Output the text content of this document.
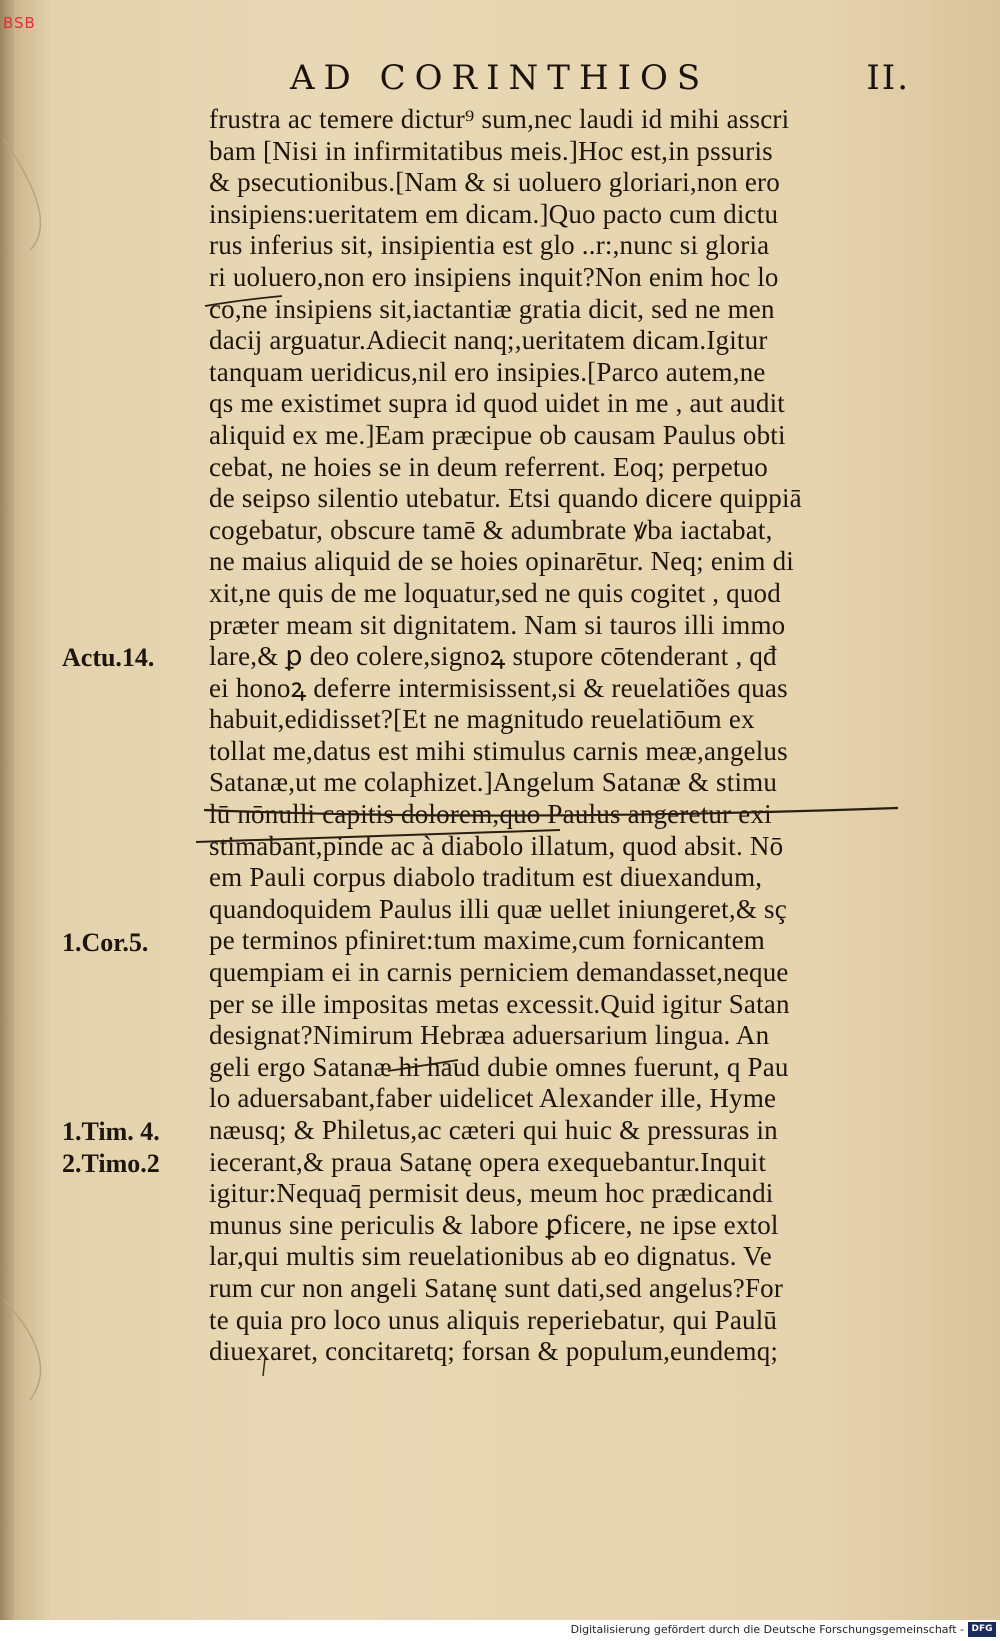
BSB
AD CORINTHIOS	II.
frustra ac temere dictur⁹ sum,nec laudi id mihi asscri
bam [Nisi in infirmitatibus meis.]Hoc est,in pssuris
& psecutionibus.[Nam & si uoluero gloriari,non ero
insipiens:ueritatem em dicam.]Quo pacto cum dictu
rus inferius sit, insipientia est glo ..r:,nunc si gloria
ri uoluero,non ero insipiens inquit?Non enim hoc lo
co,ne insipiens sit,iactantiæ gratia dicit, sed ne men
dacij arguatur.Adiecit nanq;,ueritatem dicam.Igitur
tanquam ueridicus,nil ero insipies.[Parco autem,ne
qs me existimet supra id quod uidet in me , aut audit
aliquid ex me.]Eam præcipue ob causam Paulus obti
cebat, ne hoies se in deum referrent. Eoq; perpetuo
de seipso silentio utebatur. Etsi quando dicere quippiā
cogebatur, obscure tamē & adumbrate ꝟba iactabat,
ne maius aliquid de se hoies opinarētur. Neq; enim di
xit,ne quis de me loquatur,sed ne quis cogitet , quod
præter meam sit dignitatem. Nam si tauros illi immo
lare,& ꝑ deo colere,signoꝝ stupore cōtenderant , qđ
ei honoꝝ deferre intermisissent,si & reuelatiões quas
habuit,edidisset?[Et ne magnitudo reuelatiōum ex
tollat me,datus est mihi stimulus carnis meæ,angelus
Satanæ,ut me colaphizet.]Angelum Satanæ & stimu
lū nōnulli capitis dolorem,quo Paulus angeretur exi
stimabant,pinde ac à diabolo illatum, quod absit. Nō
em Pauli corpus diabolo traditum est diuexandum,
quandoquidem Paulus illi quæ uellet iniungeret,& sç
pe terminos pfiniret:tum maxime,cum fornicantem
quempiam ei in carnis perniciem demandasset,neque
per se ille impositas metas excessit.Quid igitur Satan
designat?Nimirum Hebræa aduersarium lingua. An
geli ergo Satanæ hi haud dubie omnes fuerunt, q Pau
lo aduersabant,faber uidelicet Alexander ille, Hyme
næusq; & Philetus,ac cæteri qui huic & pressuras in
iecerant,& praua Satanę opera exequebantur.Inquit
igitur:Nequaq̄ permisit deus, meum hoc prædicandi
munus sine periculis & labore ꝑficere, ne ipse extol
lar,qui multis sim reuelationibus ab eo dignatus. Ve
rum cur non angeli Satanę sunt dati,sed angelus?For
te quia pro loco unus aliquis reperiebatur, qui Paulū
diuexaret, concitaretq; forsan & populum,eundemq;
Actu.14.
1.Cor.5.
1.Tim. 4.
2.Timo.2
Digitalisierung gefördert durch die Deutsche Forschungsgemeinschaft - DFG
